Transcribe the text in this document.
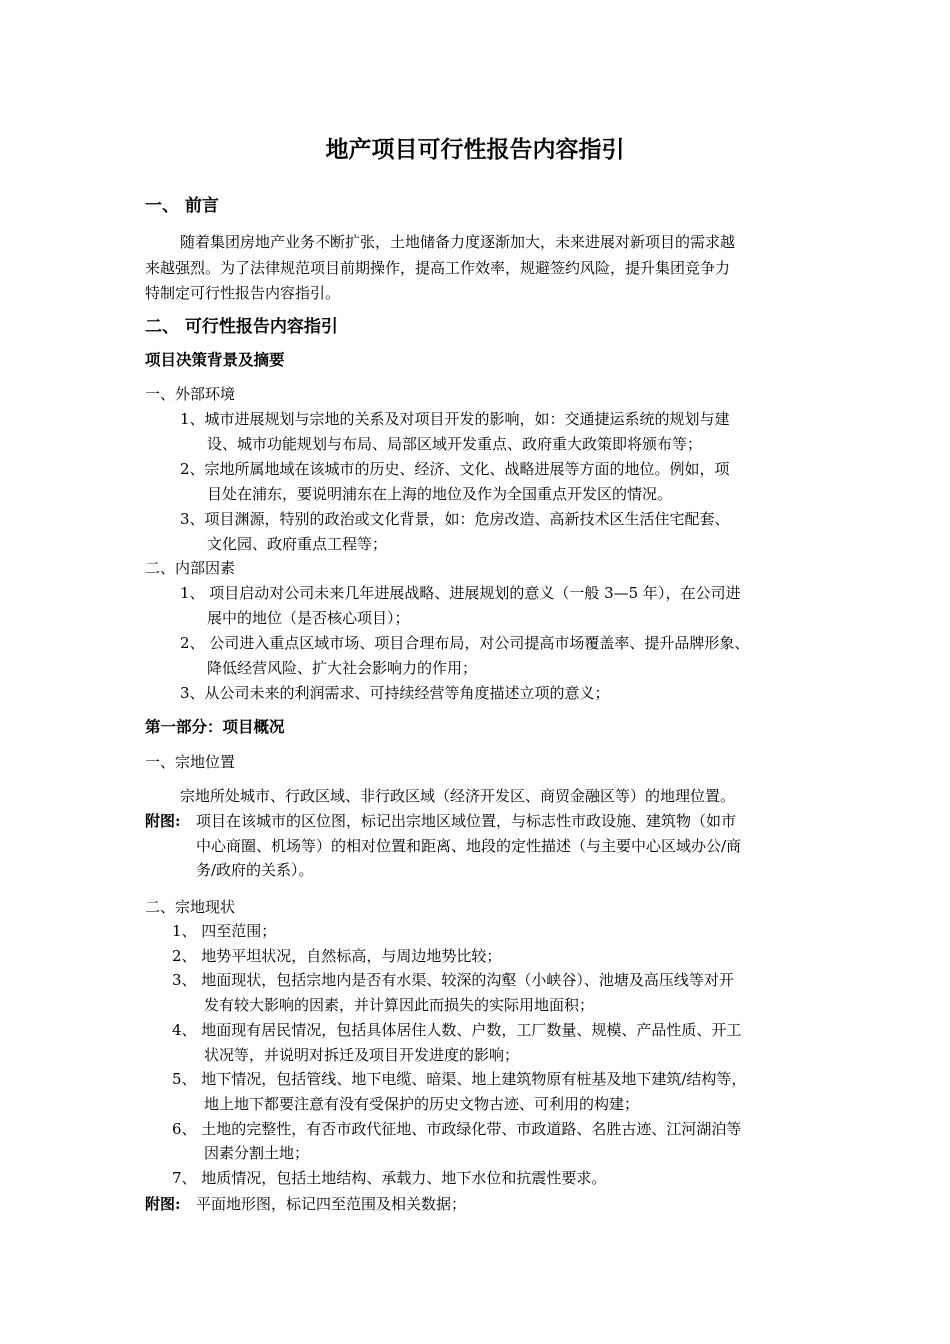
地产项目可行性报告内容指引
一、 前言
随着集团房地产业务不断扩张，土地储备力度逐渐加大，未来进展对新项目的需求越
来越强烈。为了法律规范项目前期操作，提高工作效率，规避签约风险，提升集团竞争力
特制定可行性报告内容指引。
二、 可行性报告内容指引
项目决策背景及摘要
一、外部环境
1、城市进展规划与宗地的关系及对项目开发的影响，如：交通捷运系统的规划与建
设、城市功能规划与布局、局部区域开发重点、政府重大政策即将颁布等；
2、宗地所属地域在该城市的历史、经济、文化、战略进展等方面的地位。例如，项
目处在浦东，要说明浦东在上海的地位及作为全国重点开发区的情况。
3、项目渊源，特别的政治或文化背景，如：危房改造、高新技术区生活住宅配套、
文化园、政府重点工程等；
二、内部因素
1、 项目启动对公司未来几年进展战略、进展规划的意义（一般 3—5 年），在公司进
展中的地位（是否核心项目）；
2、 公司进入重点区域市场、项目合理布局，对公司提高市场覆盖率、提升品牌形象、
降低经营风险、扩大社会影响力的作用；
3、从公司未来的利润需求、可持续经营等角度描述立项的意义；
第一部分：项目概况
一、宗地位置
宗地所处城市、行政区域、非行政区域（经济开发区、商贸金融区等）的地理位置。
附图: 项目在该城市的区位图，标记出宗地区域位置，与标志性市政设施、建筑物（如市
中心商圈、机场等）的相对位置和距离、地段的定性描述（与主要中心区域办公/商
务/政府的关系）。
二、宗地现状
1、 四至范围；
2、 地势平坦状况，自然标高，与周边地势比较；
3、 地面现状，包括宗地内是否有水渠、较深的沟壑（小峡谷）、池塘及高压线等对开
发有较大影响的因素，并计算因此而损失的实际用地面积；
4、 地面现有居民情况，包括具体居住人数、户数，工厂数量、规模、产品性质、开工
状况等，并说明对拆迁及项目开发进度的影响；
5、 地下情况，包括管线、地下电缆、暗渠、地上建筑物原有桩基及地下建筑/结构等，
地上地下都要注意有没有受保护的历史文物古迹、可利用的构建；
6、 土地的完整性，有否市政代征地、市政绿化带、市政道路、名胜古迹、江河湖泊等
因素分割土地；
7、 地质情况，包括土地结构、承载力、地下水位和抗震性要求。
附图: 平面地形图，标记四至范围及相关数据；
